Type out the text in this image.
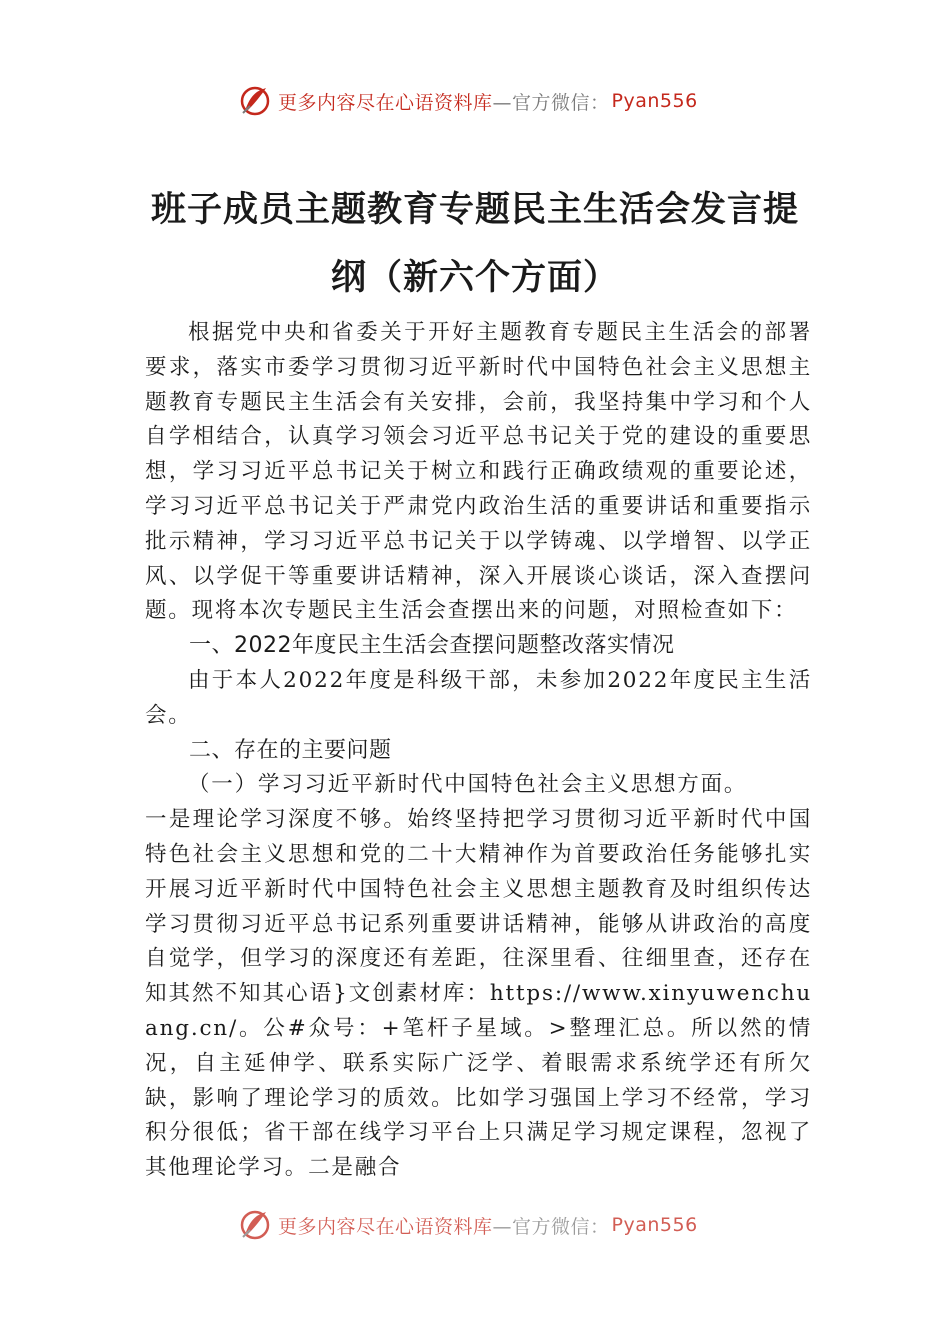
更多内容尽在心语资料库 —官方微信： Pyan556
班子成员主题教育专题民主生活会发言提
纲（新六个方面）

根据党中央和省委关于开好主题教育专题民主生活会的部署要求，落实市委学习贯彻习近平新时代中国特色社会主义思想主题教育专题民主生活会有关安排，会前，我坚持集中学习和个人自学相结合，认真学习领会习近平总书记关于党的建设的重要思想，学习习近平总书记关于树立和践行正确政绩观的重要论述，学习习近平总书记关于严肃党内政治生活的重要讲话和重要指示批示精神，学习习近平总书记关于以学铸魂、以学增智、以学正风、以学促干等重要讲话精神，深入开展谈心谈话，深入查摆问题。现将本次专题民主生活会查摆出来的问题，对照检查如下：

一、2022年度民主生活会查摆问题整改落实情况

由于本人2022年度是科级干部，未参加2022年度民主生活会。

二、存在的主要问题

（一）学习习近平新时代中国特色社会主义思想方面。

一是理论学习深度不够。始终坚持把学习贯彻习近平新时代中国特色社会主义思想和党的二十大精神作为首要政治任务能够扎实开展习近平新时代中国特色社会主义思想主题教育及时组织传达学习贯彻习近平总书记系列重要讲话精神，能够从讲政治的高度自觉学，但学习的深度还有差距，往深里看、往细里查，还存在知其然不知其心语}文创素材库：https://www.xinyuwenchuang.cn/。公#众号：+笔杆子星域。>整理汇总。所以然的情况，自主延伸学、联系实际广泛学、着眼需求系统学还有所欠缺，影响了理论学习的质效。比如学习强国上学习不经常，学习积分很低；省干部在线学习平台上只满足学习规定课程，忽视了其他理论学习。二是融合

更多内容尽在心语资料库 —官方微信： Pyan556
